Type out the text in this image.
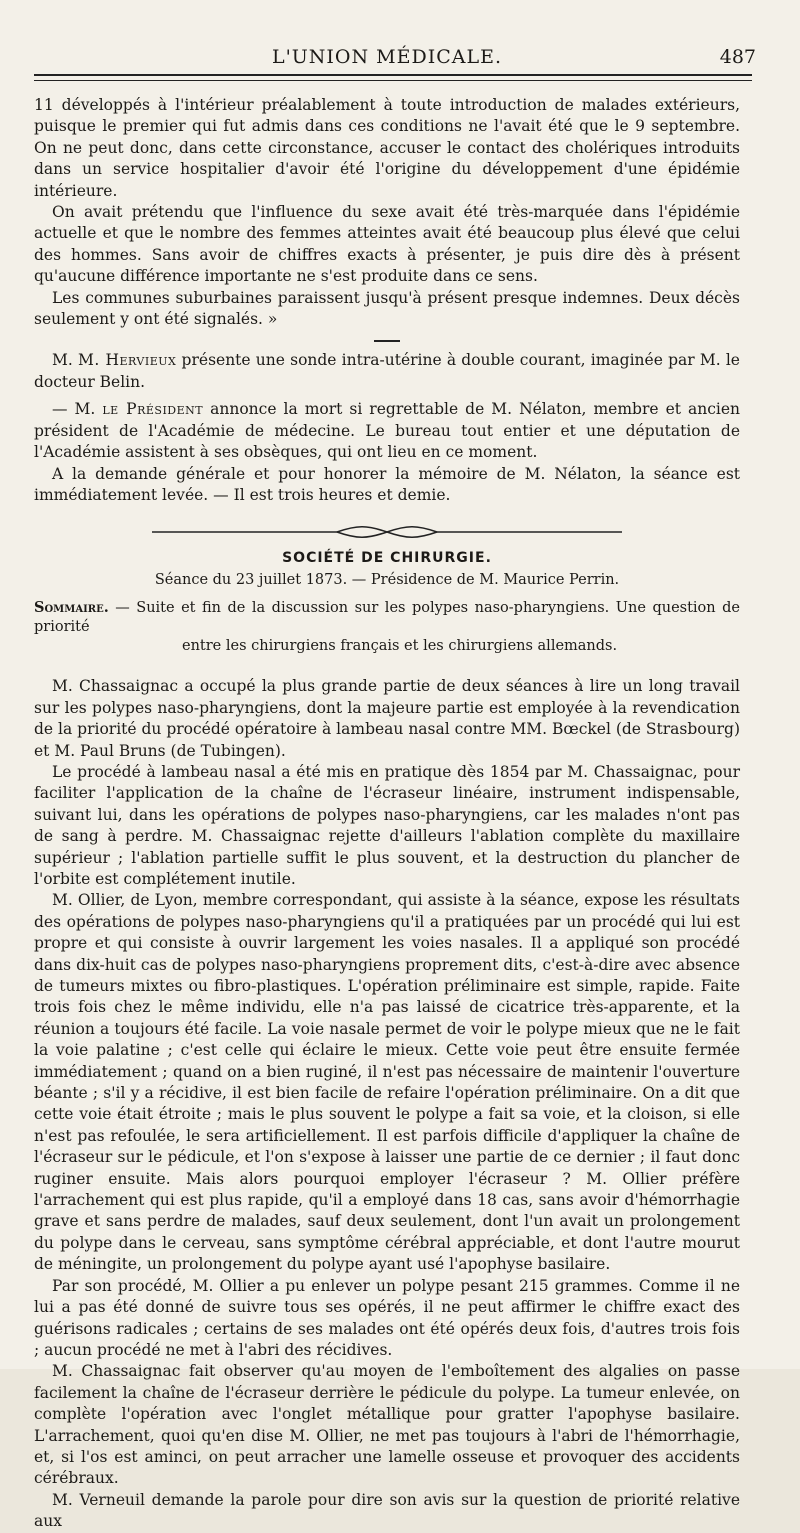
L'UNION MÉDICALE.	487

11 développés à l'intérieur préalablement à toute introduction de malades extérieurs, puisque le premier qui fut admis dans ces conditions ne l'avait été que le 9 septembre. On ne peut donc, dans cette circonstance, accuser le contact des cholériques introduits dans un service hospitalier d'avoir été l'origine du développement d'une épidémie intérieure.

On avait prétendu que l'influence du sexe avait été très-marquée dans l'épidémie actuelle et que le nombre des femmes atteintes avait été beaucoup plus élevé que celui des hommes. Sans avoir de chiffres exacts à présenter, je puis dire dès à présent qu'aucune différence importante ne s'est produite dans ce sens.

Les communes suburbaines paraissent jusqu'à présent presque indemnes. Deux décès seulement y ont été signalés. »

M. M. Hervieux présente une sonde intra-utérine à double courant, imaginée par M. le docteur Belin.

— M. le Président annonce la mort si regrettable de M. Nélaton, membre et ancien président de l'Académie de médecine. Le bureau tout entier et une députation de l'Académie assistent à ses obsèques, qui ont lieu en ce moment.

A la demande générale et pour honorer la mémoire de M. Nélaton, la séance est immédiatement levée. — Il est trois heures et demie.

SOCIÉTÉ DE CHIRURGIE.
Séance du 23 juillet 1873. — Présidence de M. Maurice Perrin.
Sommaire. — Suite et fin de la discussion sur les polypes naso-pharyngiens. Une question de priorité
entre les chirurgiens français et les chirurgiens allemands.

M. Chassaignac a occupé la plus grande partie de deux séances à lire un long travail sur les polypes naso-pharyngiens, dont la majeure partie est employée à la revendication de la priorité du procédé opératoire à lambeau nasal contre MM. Bœckel (de Strasbourg) et M. Paul Bruns (de Tubingen).

Le procédé à lambeau nasal a été mis en pratique dès 1854 par M. Chassaignac, pour faciliter l'application de la chaîne de l'écraseur linéaire, instrument indispensable, suivant lui, dans les opérations de polypes naso-pharyngiens, car les malades n'ont pas de sang à perdre. M. Chassaignac rejette d'ailleurs l'ablation complète du maxillaire supérieur ; l'ablation partielle suffit le plus souvent, et la destruction du plancher de l'orbite est complétement inutile.

M. Ollier, de Lyon, membre correspondant, qui assiste à la séance, expose les résultats des opérations de polypes naso-pharyngiens qu'il a pratiquées par un procédé qui lui est propre et qui consiste à ouvrir largement les voies nasales. Il a appliqué son procédé dans dix-huit cas de polypes naso-pharyngiens proprement dits, c'est-à-dire avec absence de tumeurs mixtes ou fibro-plastiques. L'opération préliminaire est simple, rapide. Faite trois fois chez le même individu, elle n'a pas laissé de cicatrice très-apparente, et la réunion a toujours été facile. La voie nasale permet de voir le polype mieux que ne le fait la voie palatine ; c'est celle qui éclaire le mieux. Cette voie peut être ensuite fermée immédiatement ; quand on a bien ruginé, il n'est pas nécessaire de maintenir l'ouverture béante ; s'il y a récidive, il est bien facile de refaire l'opération préliminaire. On a dit que cette voie était étroite ; mais le plus souvent le polype a fait sa voie, et la cloison, si elle n'est pas refoulée, le sera artificiellement. Il est parfois difficile d'appliquer la chaîne de l'écraseur sur le pédicule, et l'on s'expose à laisser une partie de ce dernier ; il faut donc ruginer ensuite. Mais alors pourquoi employer l'écraseur ? M. Ollier préfère l'arrachement qui est plus rapide, qu'il a employé dans 18 cas, sans avoir d'hémorrhagie grave et sans perdre de malades, sauf deux seulement, dont l'un avait un prolongement du polype dans le cerveau, sans symptôme cérébral appréciable, et dont l'autre mourut de méningite, un prolongement du polype ayant usé l'apophyse basilaire.

Par son procédé, M. Ollier a pu enlever un polype pesant 215 grammes. Comme il ne lui a pas été donné de suivre tous ses opérés, il ne peut affirmer le chiffre exact des guérisons radicales ; certains de ses malades ont été opérés deux fois, d'autres trois fois ; aucun procédé ne met à l'abri des récidives.

M. Chassaignac fait observer qu'au moyen de l'emboîtement des algalies on passe facilement la chaîne de l'écraseur derrière le pédicule du polype. La tumeur enlevée, on complète l'opération avec l'onglet métallique pour gratter l'apophyse basilaire. L'arrachement, quoi qu'en dise M. Ollier, ne met pas toujours à l'abri de l'hémorrhagie, et, si l'os est aminci, on peut arracher une lamelle osseuse et provoquer des accidents cérébraux.

M. Verneuil demande la parole pour dire son avis sur la question de priorité relative aux
